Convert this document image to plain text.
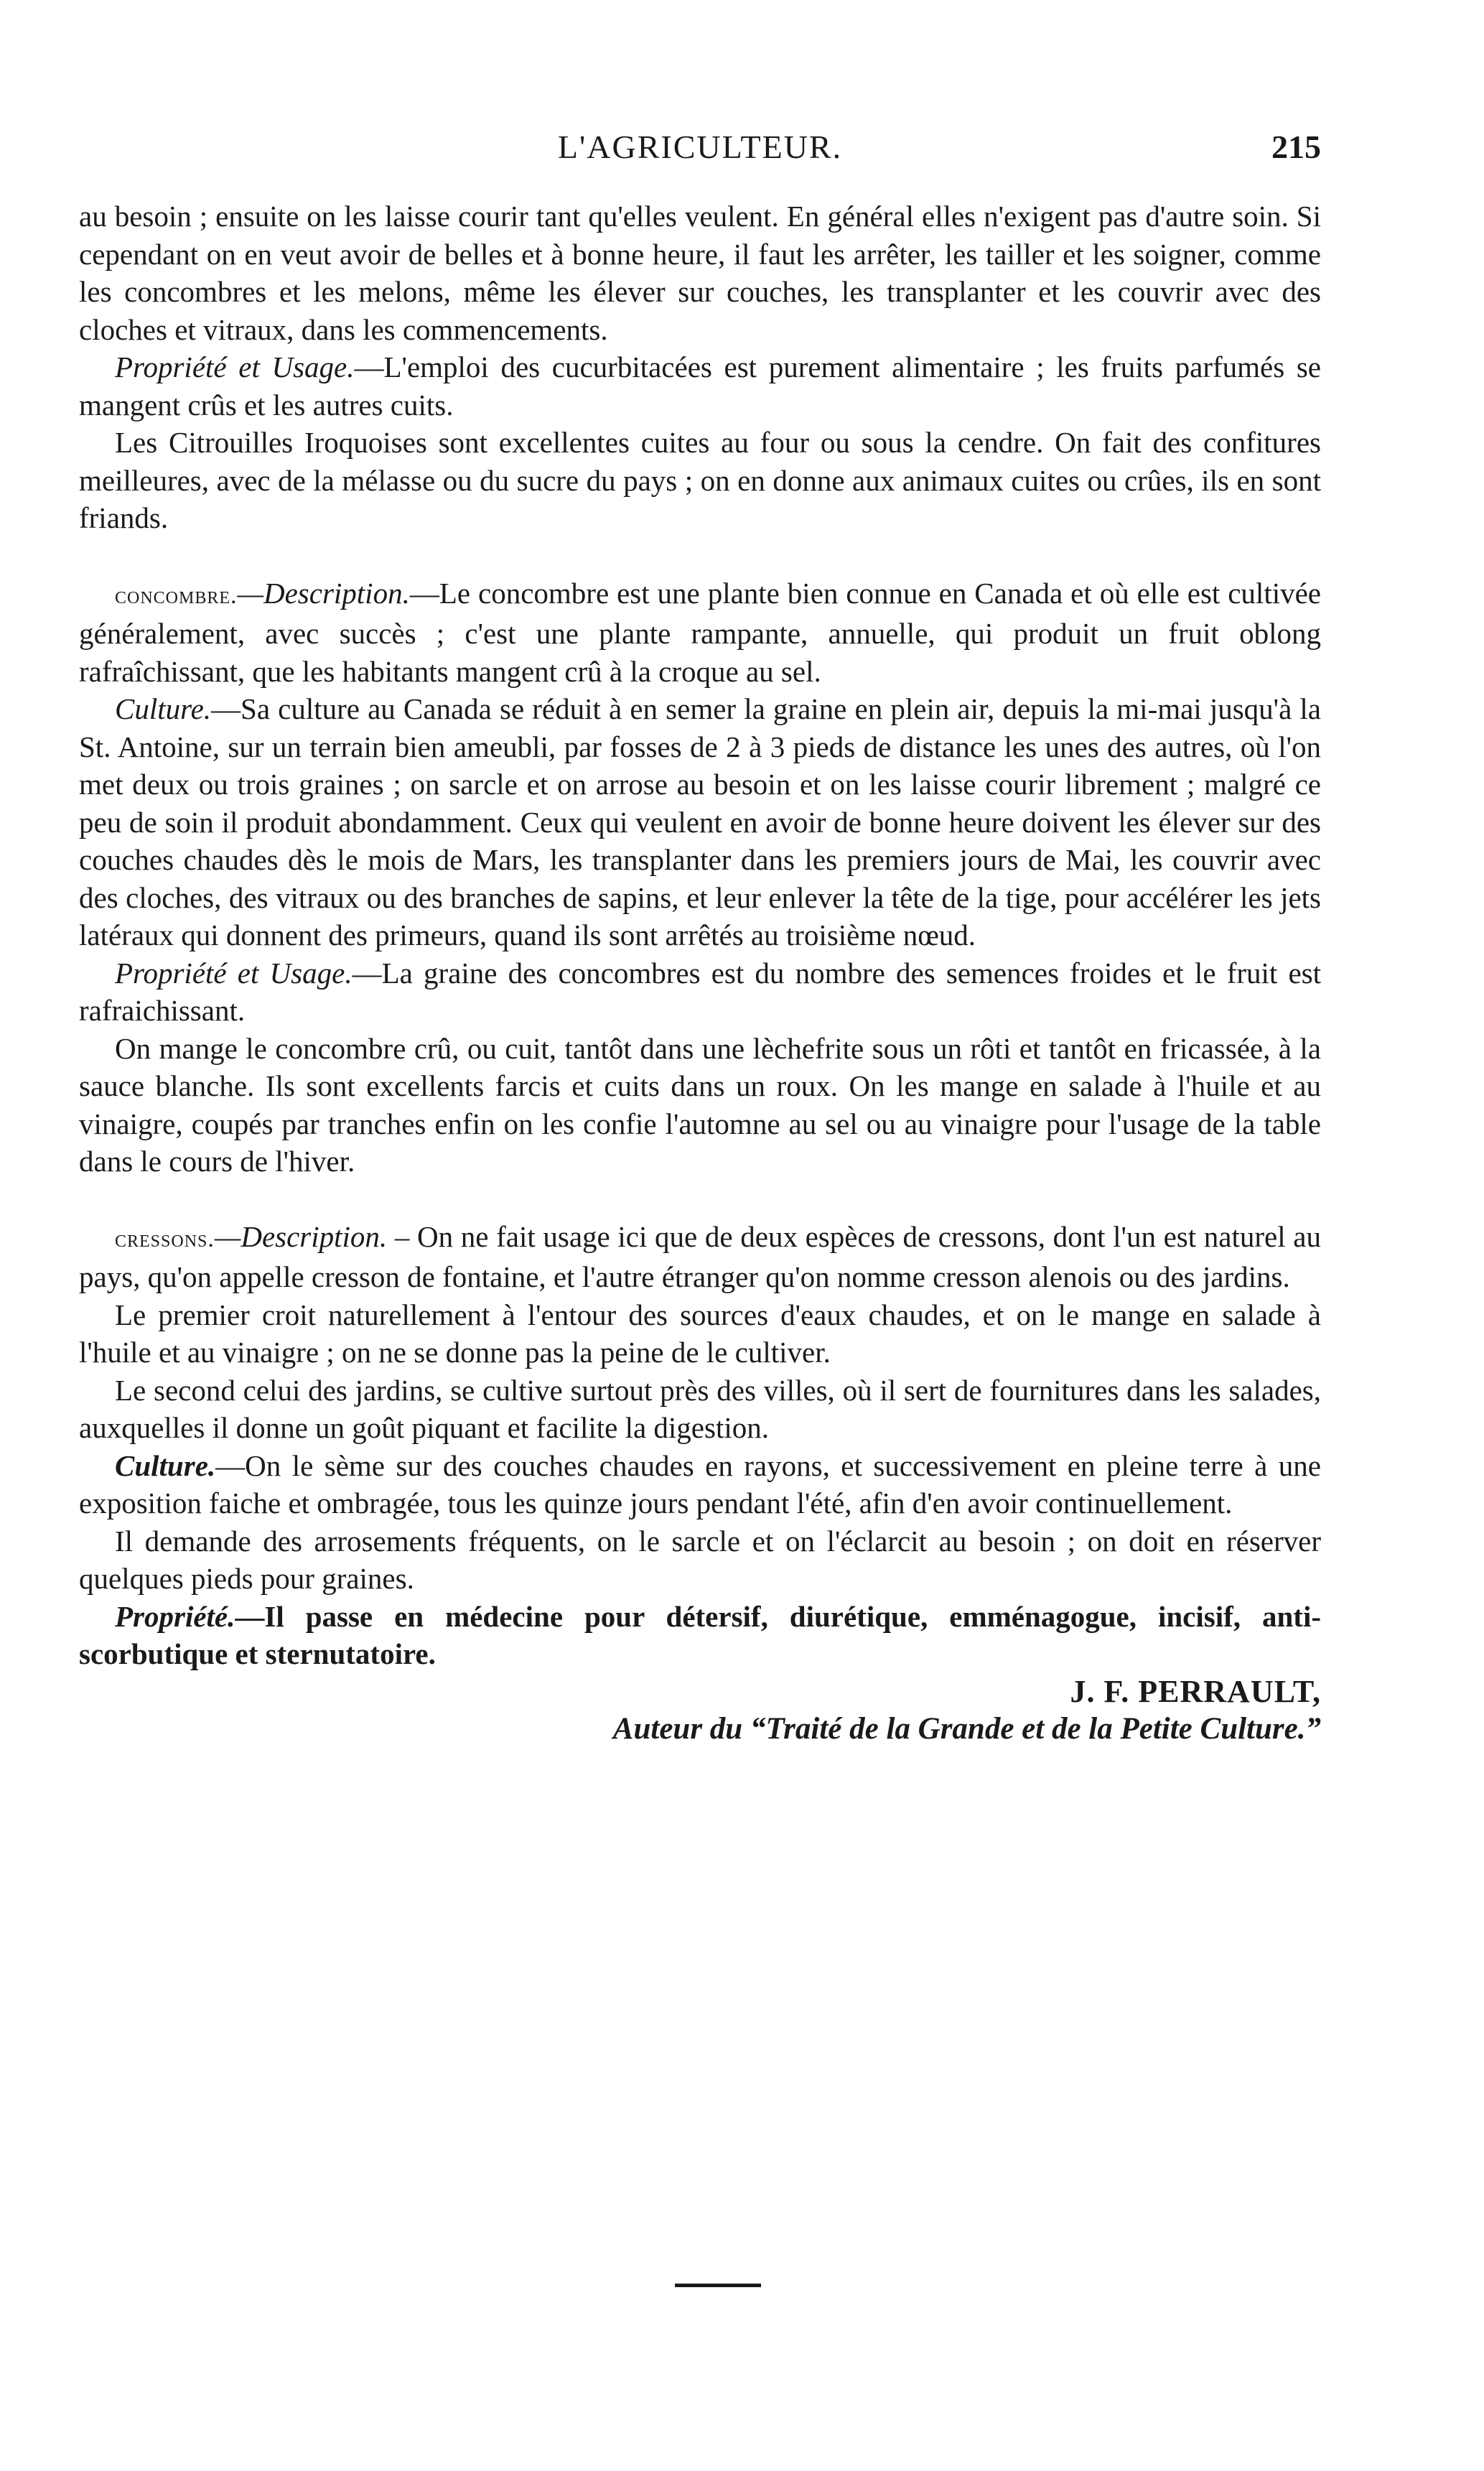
L'AGRICULTEUR.	215

au besoin ; ensuite on les laisse courir tant qu'elles veulent. En général elles n'exigent pas d'autre soin. Si cependant on en veut avoir de belles et à bonne heure, il faut les arrêter, les tailler et les soigner, comme les concombres et les melons, même les élever sur couches, les transplanter et les couvrir avec des cloches et vitraux, dans les commencements.

Propriété et Usage.—L'emploi des cucurbitacées est purement alimentaire ; les fruits parfumés se mangent crûs et les autres cuits.

Les Citrouilles Iroquoises sont excellentes cuites au four ou sous la cendre. On fait des confitures meilleures, avec de la mélasse ou du sucre du pays ; on en donne aux animaux cuites ou crûes, ils en sont friands.

concombre.—Description.—Le concombre est une plante bien connue en Canada et où elle est cultivée généralement, avec succès ; c'est une plante rampante, annuelle, qui produit un fruit oblong rafraîchissant, que les habitants mangent crû à la croque au sel.

Culture.—Sa culture au Canada se réduit à en semer la graine en plein air, depuis la mi-mai jusqu'à la St. Antoine, sur un terrain bien ameubli, par fosses de 2 à 3 pieds de distance les unes des autres, où l'on met deux ou trois graines ; on sarcle et on arrose au besoin et on les laisse courir librement ; malgré ce peu de soin il produit abondamment. Ceux qui veulent en avoir de bonne heure doivent les élever sur des couches chaudes dès le mois de Mars, les transplanter dans les premiers jours de Mai, les couvrir avec des cloches, des vitraux ou des branches de sapins, et leur enlever la tête de la tige, pour accélérer les jets latéraux qui donnent des primeurs, quand ils sont arrêtés au troisième nœud.

Propriété et Usage.—La graine des concombres est du nombre des semences froides et le fruit est rafraichissant.

On mange le concombre crû, ou cuit, tantôt dans une lèchefrite sous un rôti et tantôt en fricassée, à la sauce blanche. Ils sont excellents farcis et cuits dans un roux. On les mange en salade à l'huile et au vinaigre, coupés par tranches enfin on les confie l'automne au sel ou au vinaigre pour l'usage de la table dans le cours de l'hiver.

cressons.—Description. – On ne fait usage ici que de deux espèces de cressons, dont l'un est naturel au pays, qu'on appelle cresson de fontaine, et l'autre étranger qu'on nomme cresson alenois ou des jardins.

Le premier croit naturellement à l'entour des sources d'eaux chaudes, et on le mange en salade à l'huile et au vinaigre ; on ne se donne pas la peine de le cultiver.

Le second celui des jardins, se cultive surtout près des villes, où il sert de fournitures dans les salades, auxquelles il donne un goût piquant et facilite la digestion.

Culture.—On le sème sur des couches chaudes en rayons, et successivement en pleine terre à une exposition faiche et ombragée, tous les quinze jours pendant l'été, afin d'en avoir continuellement.

Il demande des arrosements fréquents, on le sarcle et on l'éclarcit au besoin ; on doit en réserver quelques pieds pour graines.

Propriété.—Il passe en médecine pour détersif, diurétique, emménagogue, incisif, anti-scorbutique et sternutatoire.

J. F. PERRAULT,

Auteur du “Traité de la Grande et de la Petite Culture.”
